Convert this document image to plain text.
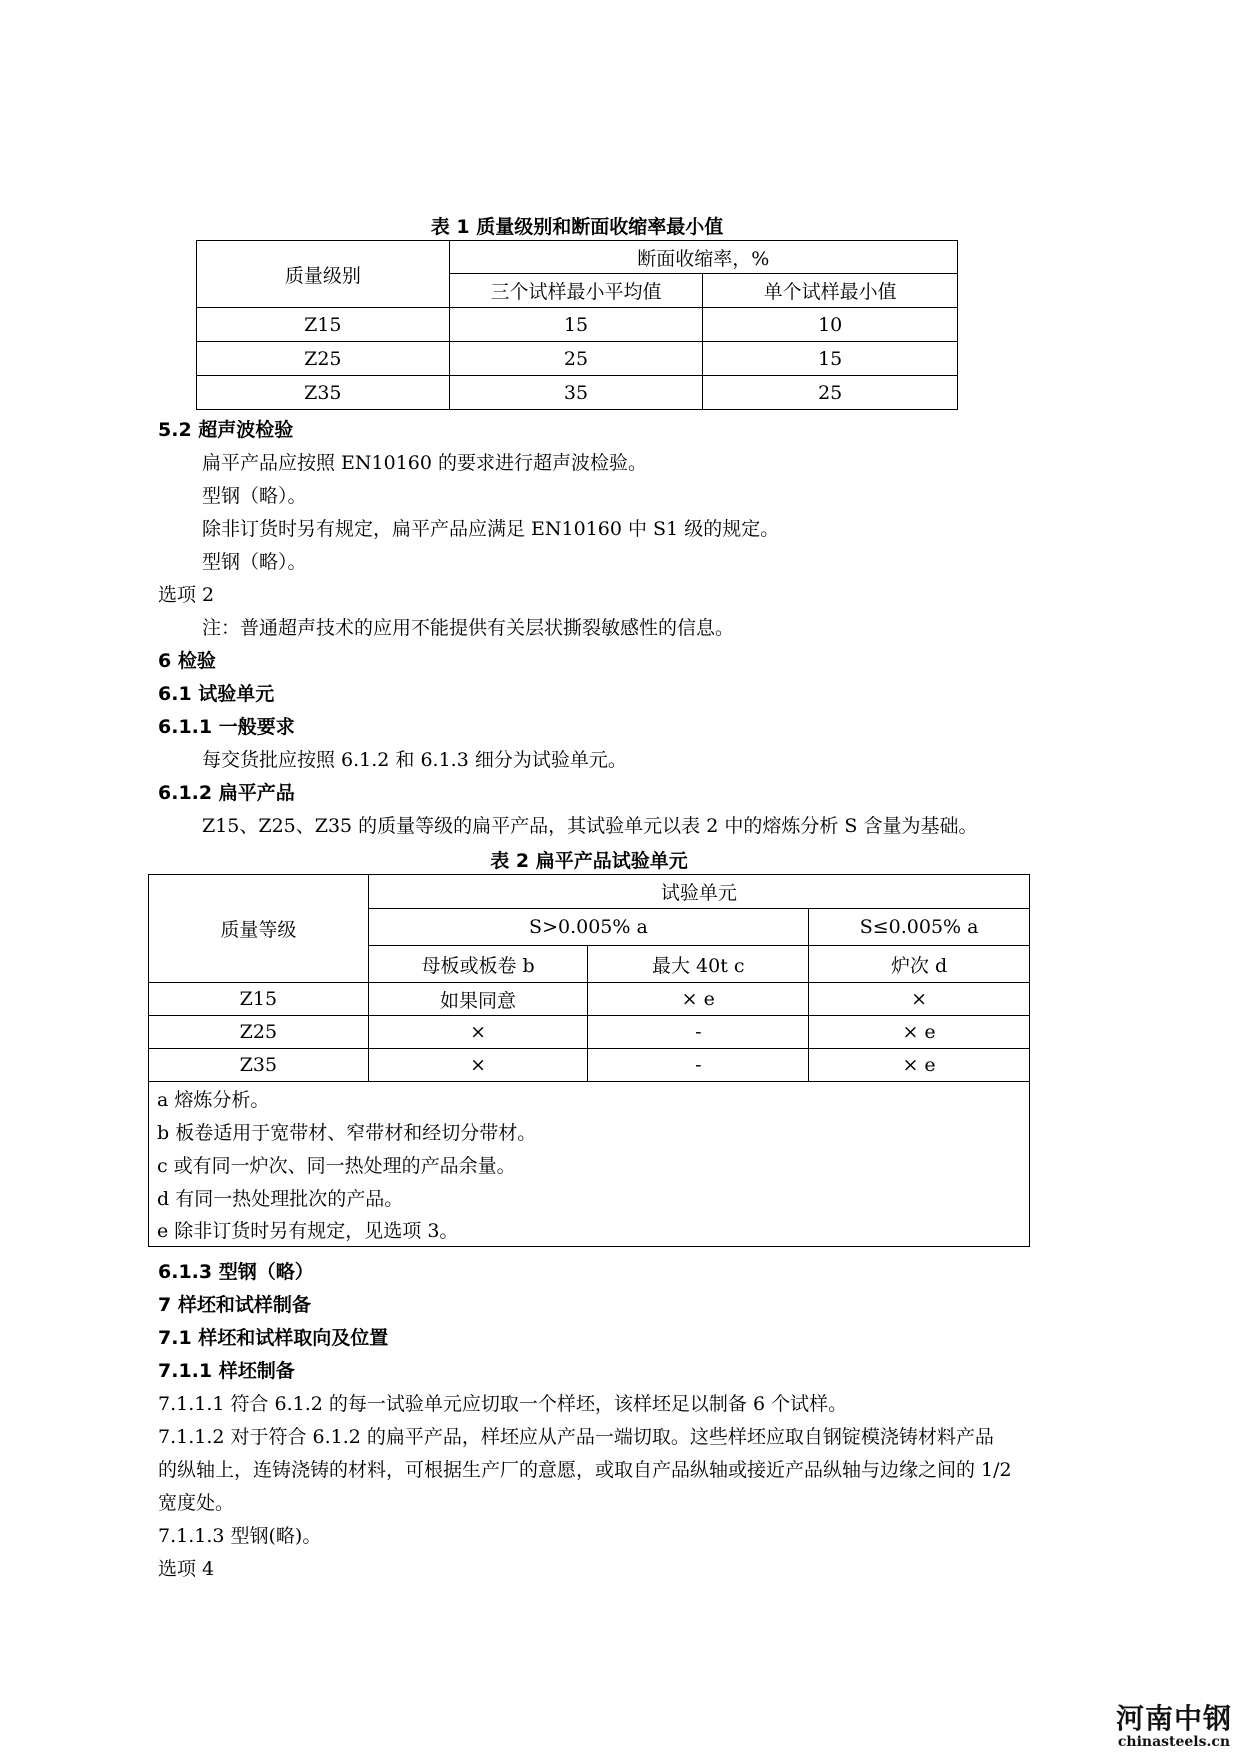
表 1 质量级别和断面收缩率最小值
质量级别	断面收缩率，%	
	三个试样最小平均值	单个试样最小值
Z15	15	10
Z25	25	15
Z35	35	25
5.2 超声波检验
扁平产品应按照 EN10160 的要求进行超声波检验。
型钢（略）。
除非订货时另有规定，扁平产品应满足 EN10160 中 S1 级的规定。
型钢（略）。
选项 2
注：普通超声技术的应用不能提供有关层状撕裂敏感性的信息。
6 检验
6.1 试验单元
6.1.1 一般要求
每交货批应按照 6.1.2 和 6.1.3 细分为试验单元。
6.1.2 扁平产品
Z15、Z25、Z35 的质量等级的扁平产品，其试验单元以表 2 中的熔炼分析 S 含量为基础。
表 2 扁平产品试验单元
质量等级	试验单元		
	S>0.005% a		S≤0.005% a
	母板或板卷 b	最大 40t c	炉次 d
Z15	如果同意	× e	×
Z25	×	-	× e
Z35	×	-	× e
a 熔炼分析。			
b 板卷适用于宽带材、窄带材和经切分带材。			
c 或有同一炉次、同一热处理的产品余量。			
d 有同一热处理批次的产品。			
e 除非订货时另有规定，见选项 3。			
6.1.3 型钢（略）
7 样坯和试样制备
7.1 样坯和试样取向及位置
7.1.1 样坯制备
7.1.1.1 符合 6.1.2 的每一试验单元应切取一个样坯，该样坯足以制备 6 个试样。
7.1.1.2 对于符合 6.1.2 的扁平产品，样坯应从产品一端切取。这些样坯应取自钢锭模浇铸材料产品
的纵轴上，连铸浇铸的材料，可根据生产厂的意愿，或取自产品纵轴或接近产品纵轴与边缘之间的 1/2
宽度处。
7.1.1.3 型钢(略)。
选项 4
河南中钢
chinasteels.cn
